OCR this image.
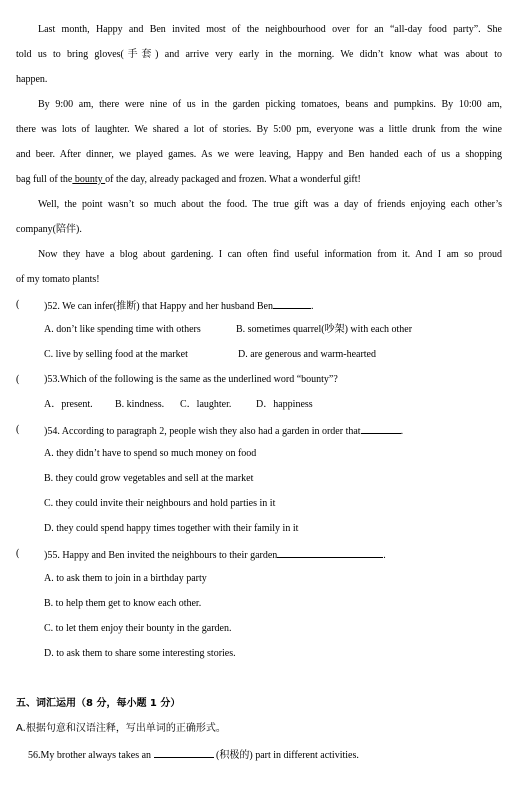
Last month, Happy and Ben invited most of the neighbourhood over for an “all-day food party”. She
told us to bring gloves(手套) and arrive very early in the morning. We didn’t know what was about to
happen.
By 9:00 am, there were nine of us in the garden picking tomatoes, beans and pumpkins. By 10:00 am,
there was lots of laughter. We shared a lot of stories. By 5:00 pm, everyone was a little drunk from the wine
and beer. After dinner, we played games. As we were leaving, Happy and Ben handed each of us a shopping
bag full of the bounty of the day, already packaged and frozen. What a wonderful gift!
Well, the point wasn’t so much about the food. The true gift was a day of friends enjoying each other’s
company(陪伴).
Now they have a blog about gardening. I can often find useful information from it. And I am so proud
of my tomato plants!
( )52. We can infer(推断) that Happy and her husband Ben	.
A. don’t like spending time with others	B. sometimes quarrel(吵架) with each other
C. live by selling food at the market	D. are generous and warm-hearted
( )53.Which of the following is the same as the underlined word “bounty”?
A．present. B. kindness. C．laughter. D．happiness
( )54. According to paragraph 2, people wish they also had a garden in order that	.
A. they didn’t have to spend so much money on food
B. they could grow vegetables and sell at the market
C. they could invite their neighbours and hold parties in it
D. they could spend happy times together with their family in it
( )55. Happy and Ben invited the neighbours to their garden	.
A. to ask them to join in a birthday party
B. to help them get to know each other.
C. to let them enjoy their bounty in the garden.
D. to ask them to share some interesting stories.
五、词汇运用（8 分，每小题 1 分）
A.根据句意和汉语注释，写出单词的正确形式。
56.My brother always takes an	(积极的) part in different activities.
